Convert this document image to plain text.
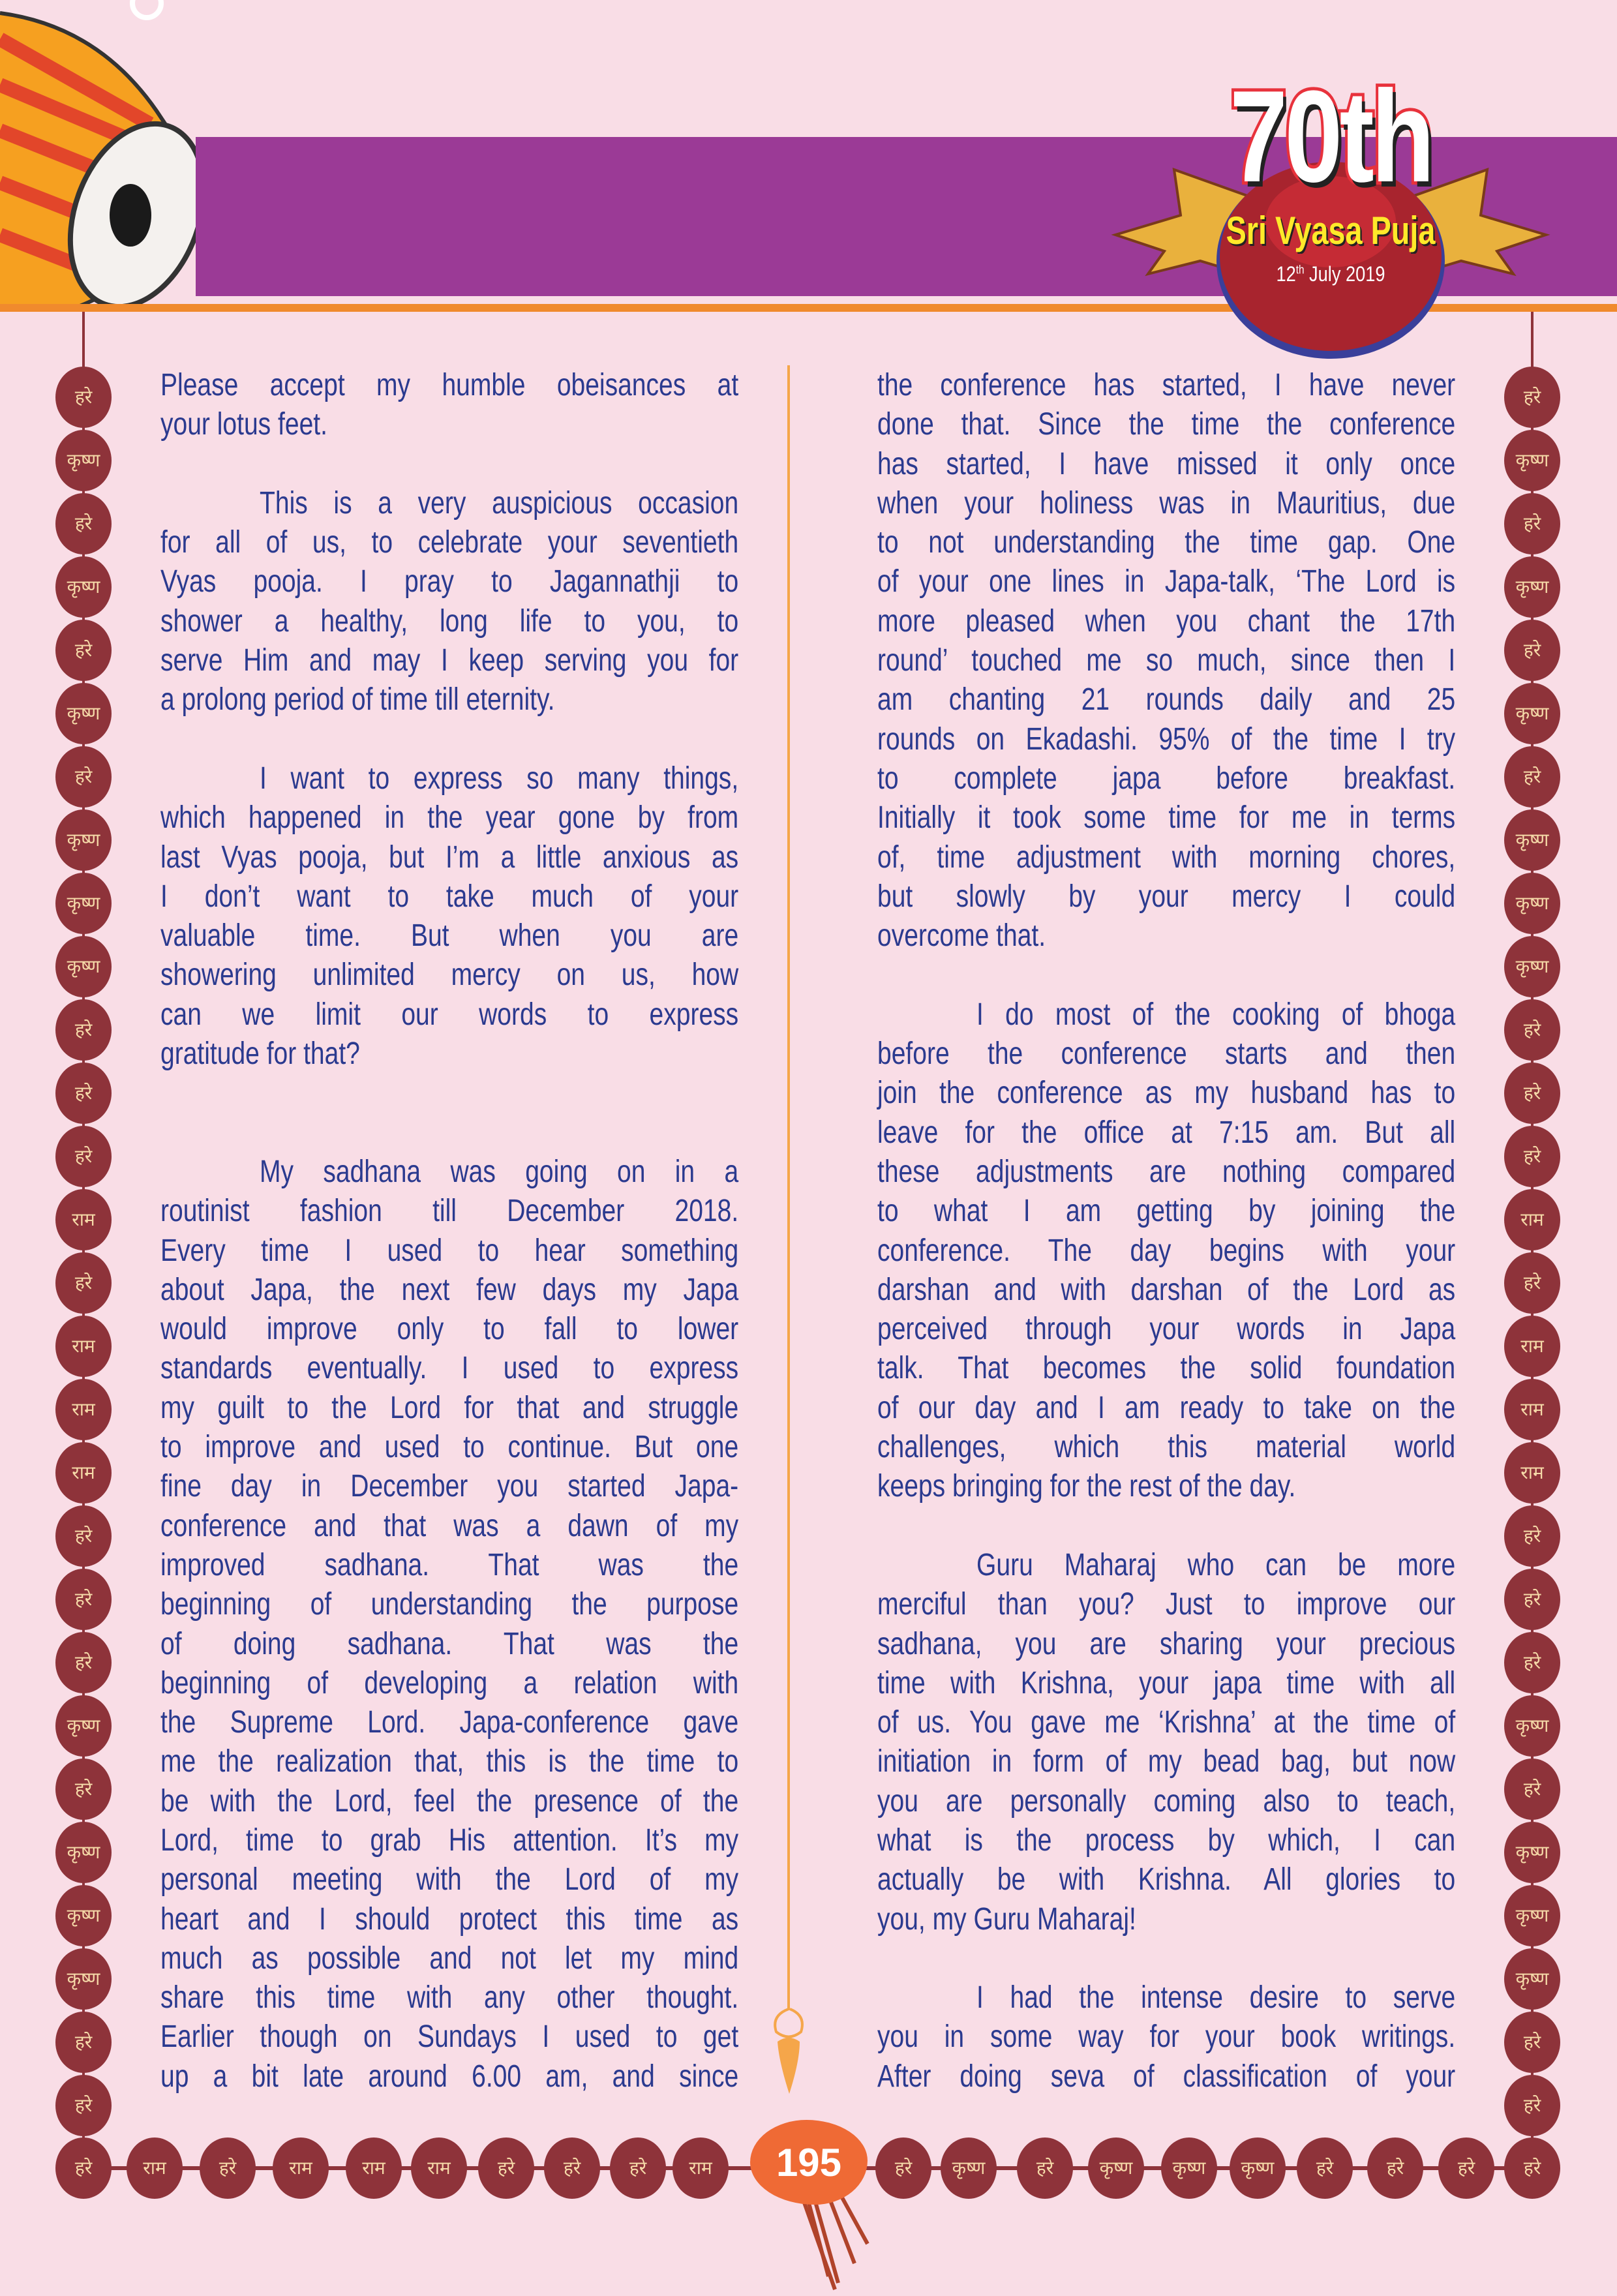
70th
Sri Vyasa Puja
12th July 2019
Please accept my humble obeisances at
your lotus feet.
This is a very auspicious occasion
for all of us, to celebrate your seventieth
Vyas pooja. I pray to Jagannathji to
shower a healthy, long life to you, to
serve Him and may I keep serving you for
a prolong period of time till eternity.
I want to express so many things,
which happened in the year gone by from
last Vyas pooja, but I’m a little anxious as
I don’t want to take much of your
valuable time. But when you are
showering unlimited mercy on us, how
can we limit our words to express
gratitude for that?
My sadhana was going on in a
routinist fashion till December 2018.
Every time I used to hear something
about Japa, the next few days my Japa
would improve only to fall to lower
standards eventually. I used to express
my guilt to the Lord for that and struggle
to improve and used to continue. But one
fine day in December you started Japa-
conference and that was a dawn of my
improved sadhana. That was the
beginning of understanding the purpose
of doing sadhana. That was the
beginning of developing a relation with
the Supreme Lord. Japa-conference gave
me the realization that, this is the time to
be with the Lord, feel the presence of the
Lord, time to grab His attention. It’s my
personal meeting with the Lord of my
heart and I should protect this time as
much as possible and not let my mind
share this time with any other thought.
Earlier though on Sundays I used to get
up a bit late around 6.00 am, and since
the conference has started, I have never
done that. Since the time the conference
has started, I have missed it only once
when your holiness was in Mauritius, due
to not understanding the time gap. One
of your one lines in Japa-talk, ‘The Lord is
more pleased when you chant the 17th
round’ touched me so much, since then I
am chanting 21 rounds daily and 25
rounds on Ekadashi. 95% of the time I try
to complete japa before breakfast.
Initially it took some time for me in terms
of, time adjustment with morning chores,
but slowly by your mercy I could
overcome that.
I do most of the cooking of bhoga
before the conference starts and then
join the conference as my husband has to
leave for the office at 7:15 am. But all
these adjustments are nothing compared
to what I am getting by joining the
conference. The day begins with your
darshan and with darshan of the Lord as
perceived through your words in Japa
talk. That becomes the solid foundation
of our day and I am ready to take on the
challenges, which this material world
keeps bringing for the rest of the day.
Guru Maharaj who can be more
merciful than you? Just to improve our
sadhana, you are sharing your precious
time with Krishna, your japa time with all
of us. You gave me ‘Krishna’ at the time of
initiation in form of my bead bag, but now
you are personally coming also to teach,
what is the process by which, I can
actually be with Krishna. All glories to
you, my Guru Maharaj!
I had the intense desire to serve
you in some way for your book writings.
After doing seva of classification of your
हरे
कृष्ण
हरे
कृष्ण
हरे
कृष्ण
हरे
कृष्ण
कृष्ण
कृष्ण
हरे
हरे
हरे
राम
हरे
राम
राम
राम
हरे
हरे
हरे
कृष्ण
हरे
कृष्ण
कृष्ण
कृष्ण
हरे
हरे
हरे
कृष्ण
हरे
कृष्ण
हरे
कृष्ण
हरे
कृष्ण
कृष्ण
कृष्ण
हरे
हरे
हरे
राम
हरे
राम
राम
राम
हरे
हरे
हरे
कृष्ण
हरे
कृष्ण
कृष्ण
कृष्ण
हरे
हरे
हरे	राम	हरे	राम	राम	राम	हरे	हरे	हरे	राम	हरे	कृष्ण	हरे	कृष्ण	कृष्ण	कृष्ण	हरे	हरे	हरे	हरे
195
